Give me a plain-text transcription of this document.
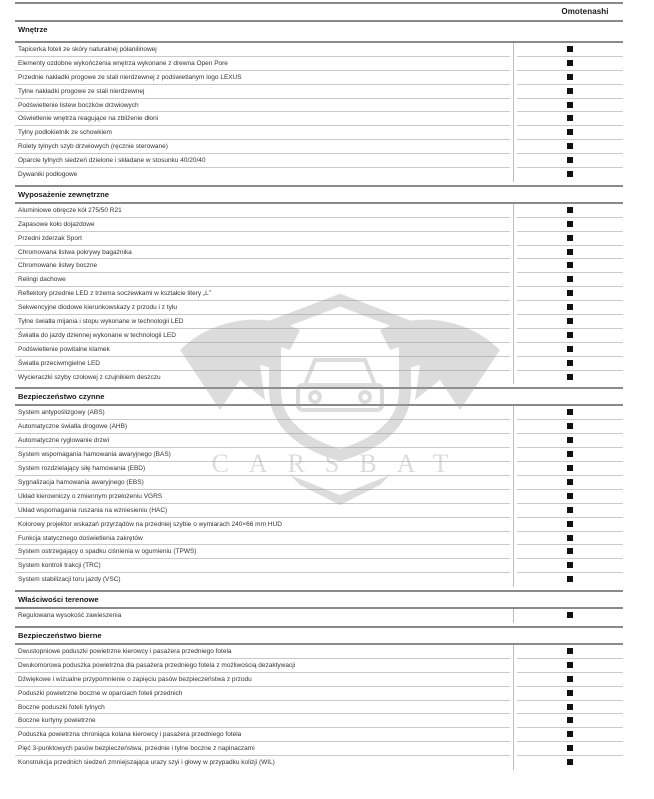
Omotenashi
Wnętrze
Tapicerka foteli ze skóry naturalnej półanilinowej
Elementy ozdobne wykończenia wnętrza wykonane z drewna Open Pore
Przednie nakładki progowe ze stali nierdzewnej z podświetlanym logo LEXUS
Tylne nakładki progowe ze stali nierdzewnej
Podświetlenie listew boczków drzwiowych
Oświetlenie wnętrza reagujące na zbliżenie dłoni
Tylny podłokietnik ze schowkiem
Rolety tylnych szyb drzwiowych (ręcznie sterowane)
Oparcie tylnych siedzeń dzielone i składane w stosunku 40/20/40
Dywaniki podłogowe
Wyposażenie zewnętrzne
Aluminiowe obręcze kół 275/50 R21
Zapasowe koło dojazdowe
Przedni zderzak Sport
Chromowana listwa pokrywy bagażnika
Chromowane listwy boczne
Relingi dachowe
Reflektory przednie LED z trzema soczewkami w kształcie litery „L”
Sekwencyjne diodowe kierunkowskazy z przodu i z tyłu
Tylne światła mijania i stopu wykonane w technologii LED
Światła do jazdy dziennej wykonane w technologii LED
Podświetlenie powitalne klamek
Światła przeciwmgielne LED
Wycieraczki szyby czołowej z czujnikiem deszczu
Bezpieczeństwo czynne
System antypoślizgowy (ABS)
Automatyczne światła drogowe (AHB)
Automatyczne ryglowanie drzwi
System wspomagania hamowania awaryjnego (BAS)
System rozdzielający siłę hamowania (EBD)
Sygnalizacja hamowania awaryjnego (EBS)
Układ kierowniczy o zmiennym przełożeniu VGRS
Układ wspomagania ruszania na wzniesieniu (HAC)
Kolorowy projektor wskazań przyrządów na przedniej szybie o wymiarach 240×66 mm HUD
Funkcja statycznego doświetlenia zakrętów
System ostrzegający o spadku ciśnienia w ogumieniu (TPWS)
System kontroli trakcji (TRC)
System stabilizacji toru jazdy (VSC)
Właściwości terenowe
Regulowana wysokość zawieszenia
Bezpieczeństwo bierne
Dwustopniowe poduszki powietrzne kierowcy i pasażera przedniego fotela
Dwukomorowa poduszka powietrzna dla pasażera przedniego fotela z możliwością dezaktywacji
Dźwiękowe i wizualne przypomnienie o zapięciu pasów bezpieczeństwa z przodu
Poduszki powietrzne boczne w oparciach foteli przednich
Boczne poduszki foteli tylnych
Boczne kurtyny powietrzne
Poduszka powietrzna chroniąca kolana kierowcy i pasażera przedniego fotela
Pięć 3-punktowych pasów bezpieczeństwa, przednie i tylne boczne z napinaczami
Konstrukcja przednich siedzeń zmniejszająca urazy szyi i głowy w przypadku kolizji (WIL)
CARSBAT
